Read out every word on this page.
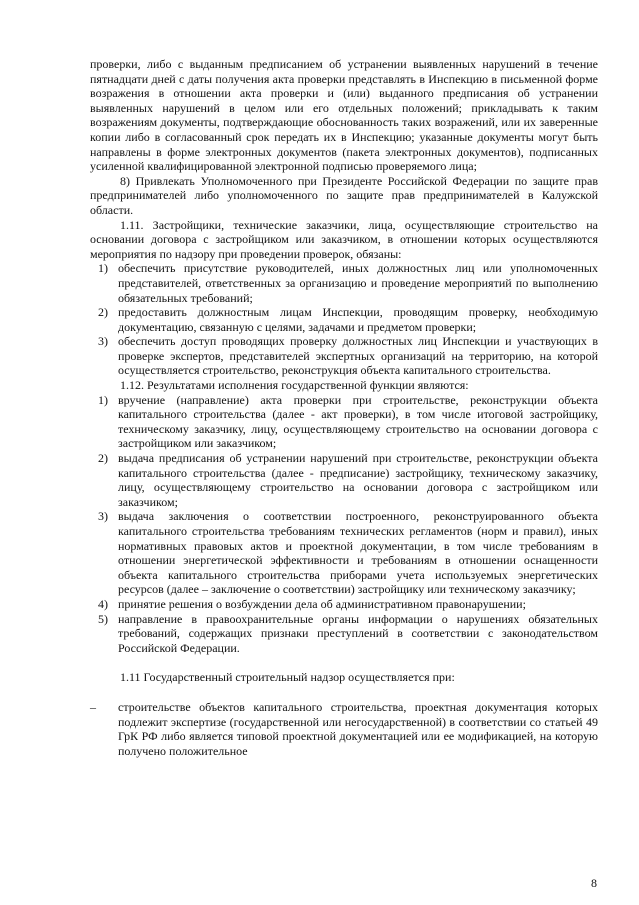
проверки, либо с выданным предписанием об устранении выявленных нарушений в течение пятнадцати дней с даты получения акта проверки представлять в Инспекцию в письменной форме возражения в отношении акта проверки и (или) выданного предписания об устранении выявленных нарушений в целом или его отдельных положений; прикладывать к таким возражениям документы, подтверждающие обоснованность таких возражений, или их заверенные копии либо в согласованный срок передать их в Инспекцию; указанные документы могут быть направлены в форме электронных документов (пакета электронных документов), подписанных усиленной квалифицированной электронной подписью проверяемого лица;

8) Привлекать Уполномоченного при Президенте Российской Федерации по защите прав предпринимателей либо уполномоченного по защите прав предпринимателей в Калужской области.

1.11. Застройщики, технические заказчики, лица, осуществляющие строительство на основании договора с застройщиком или заказчиком, в отношении которых осуществляются мероприятия по надзору при проведении проверок, обязаны:

1) обеспечить присутствие руководителей, иных должностных лиц или уполномоченных представителей, ответственных за организацию и проведение мероприятий по выполнению обязательных требований;

2) предоставить должностным лицам Инспекции, проводящим проверку, необходимую документацию, связанную с целями, задачами и предметом проверки;

3) обеспечить доступ проводящих проверку должностных лиц Инспекции и участвующих в проверке экспертов, представителей экспертных организаций на территорию, на которой осуществляется строительство, реконструкция объекта капитального строительства.

1.12. Результатами исполнения государственной функции являются:

1) вручение (направление) акта проверки при строительстве, реконструкции объекта капитального строительства (далее - акт проверки), в том числе итоговой застройщику, техническому заказчику, лицу, осуществляющему строительство на основании договора с застройщиком или заказчиком;

2) выдача предписания об устранении нарушений при строительстве, реконструкции объекта капитального строительства (далее - предписание) застройщику, техническому заказчику, лицу, осуществляющему строительство на основании договора с застройщиком или заказчиком;

3) выдача заключения о соответствии построенного, реконструированного объекта капитального строительства требованиям технических регламентов (норм и правил), иных нормативных правовых актов и проектной документации, в том числе требованиям в отношении энергетической эффективности и требованиям в отношении оснащенности объекта капитального строительства приборами учета используемых энергетических ресурсов (далее – заключение о соответствии) застройщику или техническому заказчику;

4) принятие решения о возбуждении дела об административном правонарушении;

5) направление в правоохранительные органы информации о нарушениях обязательных требований, содержащих признаки преступлений в соответствии с законодательством Российской Федерации.

1.11 Государственный строительный надзор осуществляется при:

– строительстве объектов капитального строительства, проектная документация которых подлежит экспертизе (государственной или негосударственной) в соответствии со статьей 49 ГрК РФ либо является типовой проектной документацией или ее модификацией, на которую получено положительное

8
